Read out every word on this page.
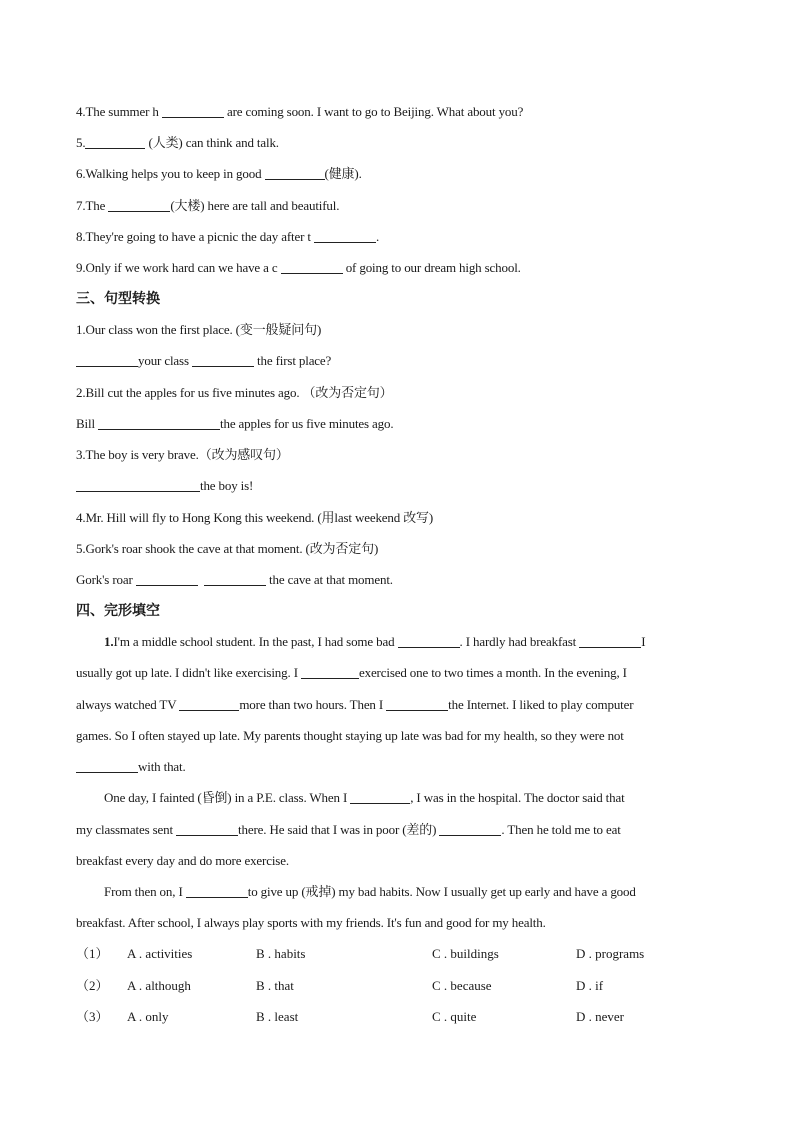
4.The summer h	are coming soon. I want to go to Beijing. What about you?
5.	(人类) can think and talk.
6.Walking helps you to keep in good	(健康).
7.The	(大楼) here are tall and beautiful.
8.They're going to have a picnic the day after t	.
9.Only if we work hard can we have a c	of going to our dream high school.
三、句型转换
1.Our class won the first place. (变一般疑问句)
your class	the first place?
2.Bill cut the apples for us five minutes ago. （改为否定句）
Bill	the apples for us five minutes ago.
3.The boy is very brave.（改为感叹句）
the boy is!
4.Mr. Hill will fly to Hong Kong this weekend. (用last weekend 改写)
5.Gork's roar shook the cave at that moment. (改为否定句)
Gork's roar	the cave at that moment.
四、完形填空
1.I'm a middle school student. In the past, I had some bad	. I hardly had breakfast	I
usually got up late. I didn't like exercising. I	exercised one to two times a month. In the evening, I
always watched TV	more than two hours. Then I	the Internet. I liked to play computer
games. So I often stayed up late. My parents thought staying up late was bad for my health, so they were not
with that.
One day, I fainted (昏倒) in a P.E. class. When I	, I was in the hospital. The doctor said that
my classmates sent	there. He said that I was in poor (差的)	. Then he told me to eat
breakfast every day and do more exercise.
From then on, I	to give up (戒掉) my bad habits. Now I usually get up early and have a good
breakfast. After school, I always play sports with my friends. It's fun and good for my health.
（1） A . activities	B . habits	C . buildings	D . programs
（2） A . although	B . that	C . because	D . if
（3） A . only	B . least	C . quite	D . never
